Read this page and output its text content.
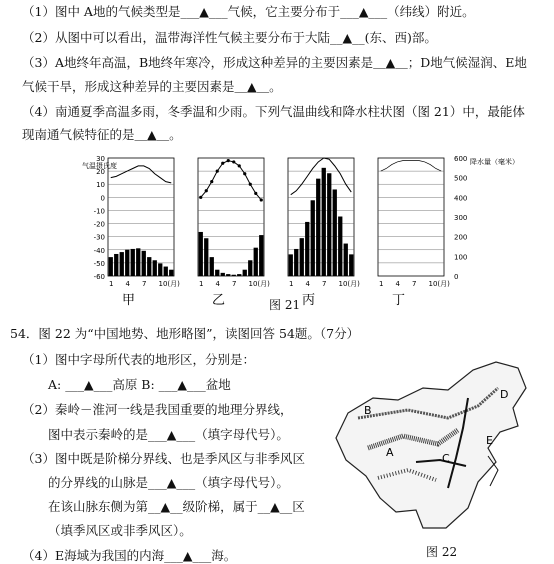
（1）图中 A地的气候类型是___▲___气候，它主要分布于___▲___（纬线）附近。
（2）从图中可以看出，温带海洋性气候主要分布于大陆__▲__(东、西)部。
（3）A地终年高温，B地终年寒冷，形成这种差异的主要因素是＿▲＿；D地气候湿润、E地
气候干旱，形成这种差异的主要因素是＿▲＿。
（4）南通夏季高温多雨，冬季温和少雨。下列气温曲线和降水柱状图（图 21）中，最能体
现南通气候特征的是＿▲＿。
30
20
10
0
-10
-20
-30
-40
-50
-60
600
500
400
300
200
100
0
1 4 7 10(月)
甲
1 4 7 10(月)
乙
1 4 7 10(月)
丙
1 4 7 10(月)
丁
气温摄氏度	降水量（毫米）
图 21
54．图 22 为“中国地势、地形略图”，读图回答 54题。（7分）
（1）图中字母所代表的地形区，分别是：
A: ___▲___高原 B: ___▲___盆地
（2）秦岭－淮河一线是我国重要的地理分界线，
图中表示秦岭的是___▲___（填字母代号）。
（3）图中既是阶梯分界线、也是季风区与非季风区
的分界线的山脉是___▲___（填字母代号）。
在该山脉东侧为第__▲__级阶梯，属于__▲__区
（填季风区或非季风区）。
（4）E海域为我国的内海___▲___海。
B
D
A	C
E
图 22
